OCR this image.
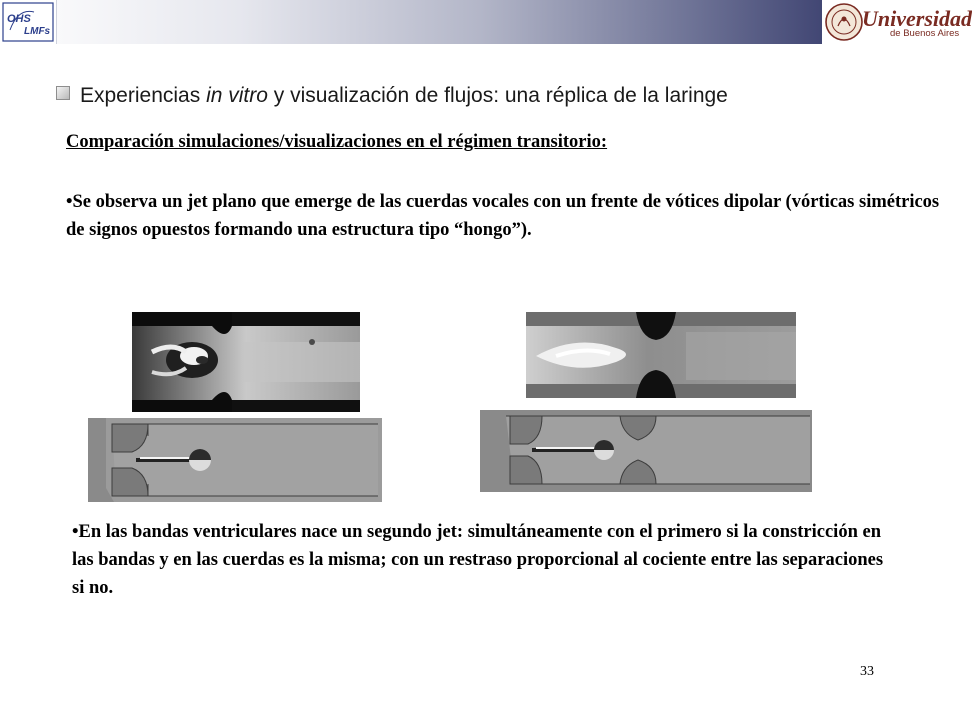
OHS
LMFs
Universidad
de Buenos Aires
Experiencias in vitro y visualización de flujos: una réplica de la laringe
Comparación simulaciones/visualizaciones en el régimen transitorio:
•Se observa un jet plano que emerge de las cuerdas vocales con un frente de vótices dipolar (vórticas simétricos de signos opuestos formando una estructura tipo “hongo”).
•En las bandas ventriculares nace un segundo jet: simultáneamente con el primero si la constricción en las bandas y en las cuerdas es la misma; con un restraso proporcional al cociente entre las separaciones si no.
33
